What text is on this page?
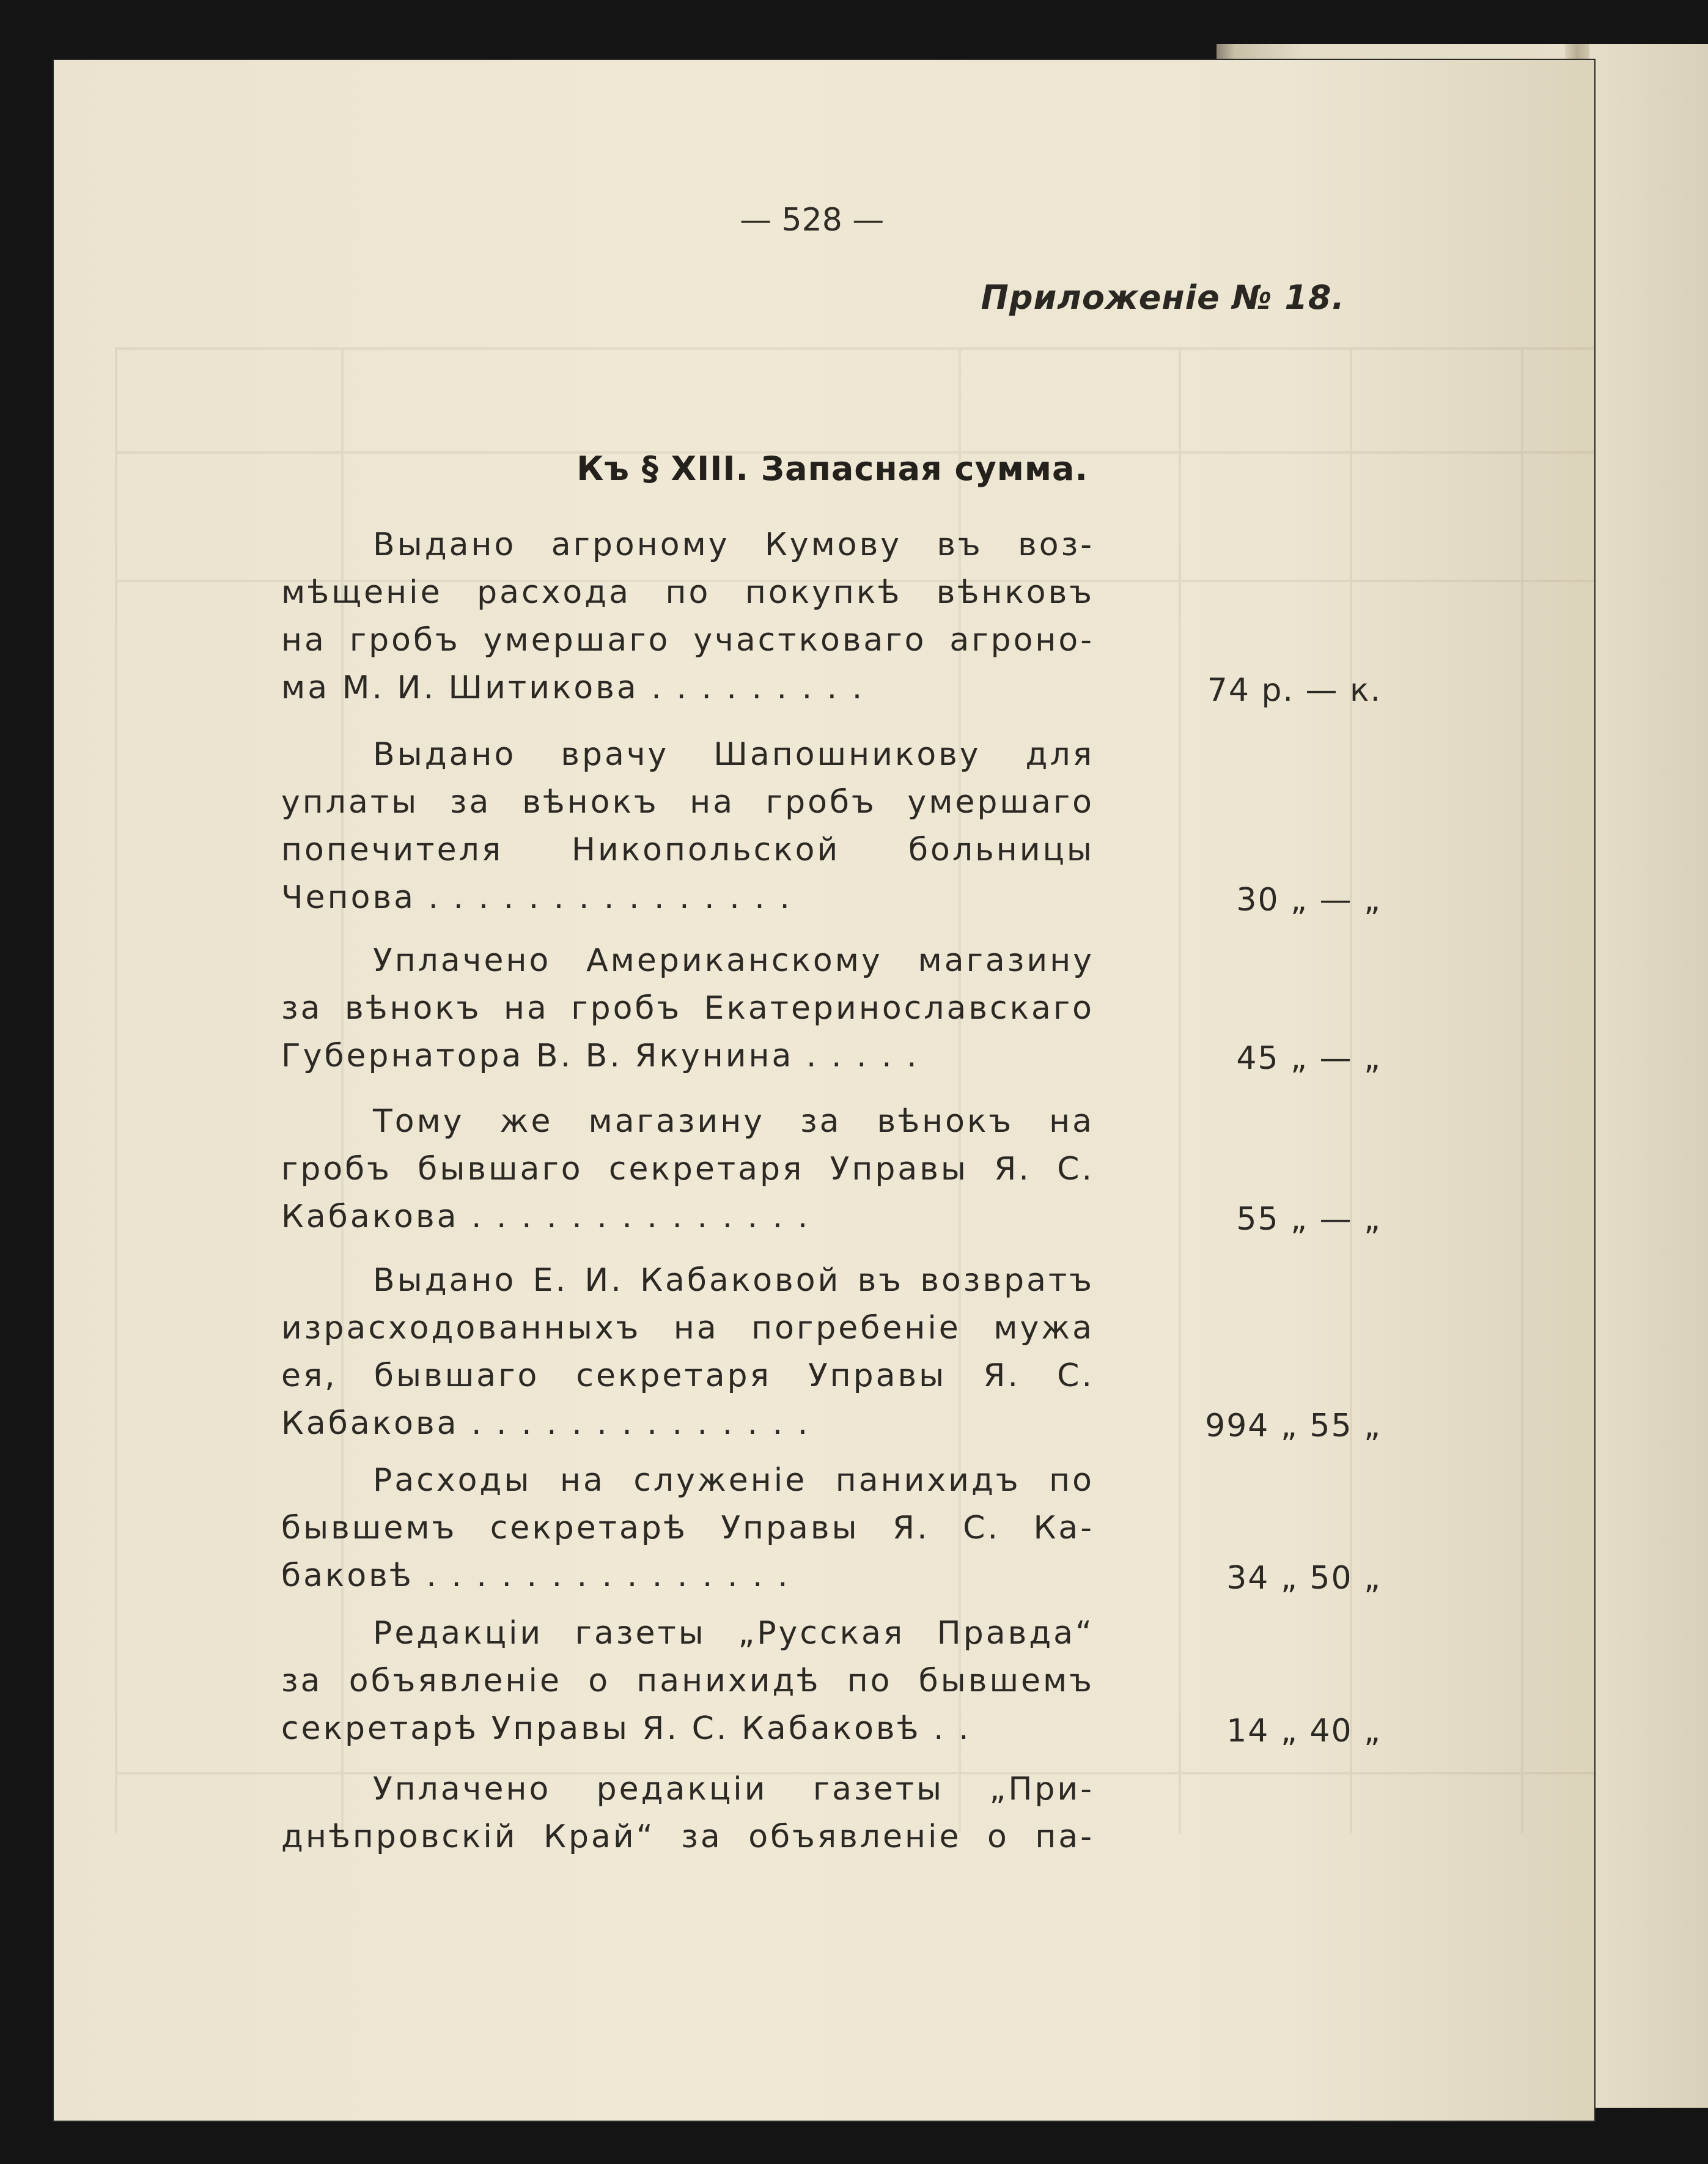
— 528 —
Приложеніе № 18.
Къ § XIII. Запасная сумма.
Выдано агроному Кумову въ воз-
мѣщеніе расхода по покупкѣ вѣнковъ
на гробъ умершаго участковаго агроно-
ма М. И. Шитикова . . . . . . . . .	74 р. — к.
Выдано врачу Шапошникову для
уплаты за вѣнокъ на гробъ умершаго
попечителя Никопольской больницы
Чепова . . . . . . . . . . . . . . .	30 „ — „
Уплачено Американскому магазину
за вѣнокъ на гробъ Екатеринославскаго
Губернатора В. В. Якунина . . . . .	45 „ — „
Тому же магазину за вѣнокъ на
гробъ бывшаго секретаря Управы Я. С.
Кабакова . . . . . . . . . . . . . .	55 „ — „
Выдано Е. И. Кабаковой въ возвратъ
израсходованныхъ на погребеніе мужа
ея, бывшаго секретаря Управы Я. С.
Кабакова . . . . . . . . . . . . . .	994 „ 55 „
Расходы на служеніе панихидъ по
бывшемъ секретарѣ Управы Я. С. Ка-
баковѣ . . . . . . . . . . . . . . .	34 „ 50 „
Редакціи газеты „Русская Правда“
за объявленіе о панихидѣ по бывшемъ
секретарѣ Управы Я. С. Кабаковѣ . .	14 „ 40 „
Уплачено редакціи газеты „При-
днѣпровскій Край“ за объявленіе о па-
